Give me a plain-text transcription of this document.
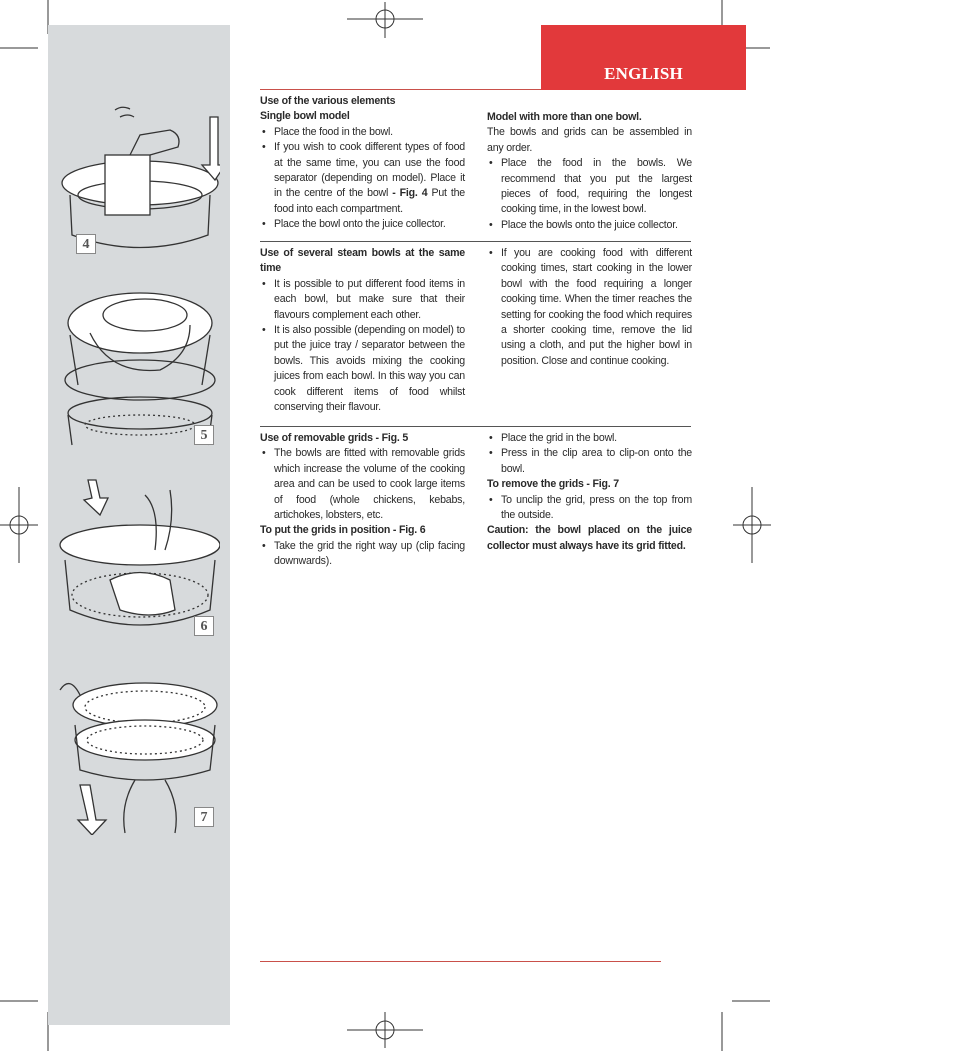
4
5
6
7
ENGLISH

Use of the various elements

Single bowl model

• Place the food in the bowl.
• If you wish to cook different types of food at the same time, you can use the food separator (depending on model). Place it in the centre of the bowl - Fig. 4 Put the food into each compartment.
• Place the bowl onto the juice collector.

Model with more than one bowl.

The bowls and grids can be assembled in any order.

• Place the food in the bowls. We recommend that you put the largest pieces of food, requiring the longest cooking time, in the lowest bowl.
• Place the bowls onto the juice collector.

Use of several steam bowls at the same time

• It is possible to put different food items in each bowl, but make sure that their flavours complement each other.
• It is also possible (depending on model) to put the juice tray / separator between the bowls. This avoids mixing the cooking juices from each bowl. In this way you can cook different items of food whilst conserving their flavour.
• If you are cooking food with different cooking times, start cooking in the lower bowl with the food requiring a longer cooking time. When the timer reaches the setting for cooking the food which requires a shorter cooking time, remove the lid using a cloth, and put the higher bowl in position. Close and continue cooking.

Use of removable grids - Fig. 5

• The bowls are fitted with removable grids which increase the volume of the cooking area and can be used to cook large items of food (whole chickens, kebabs, artichokes, lobsters, etc.

To put the grids in position - Fig. 6

• Take the grid the right way up (clip facing downwards).
• Place the grid in the bowl.
• Press in the clip area to clip-on onto the bowl.

To remove the grids - Fig. 7

• To unclip the grid, press on the top from the outside.

Caution: the bowl placed on the juice collector must always have its grid fitted.
